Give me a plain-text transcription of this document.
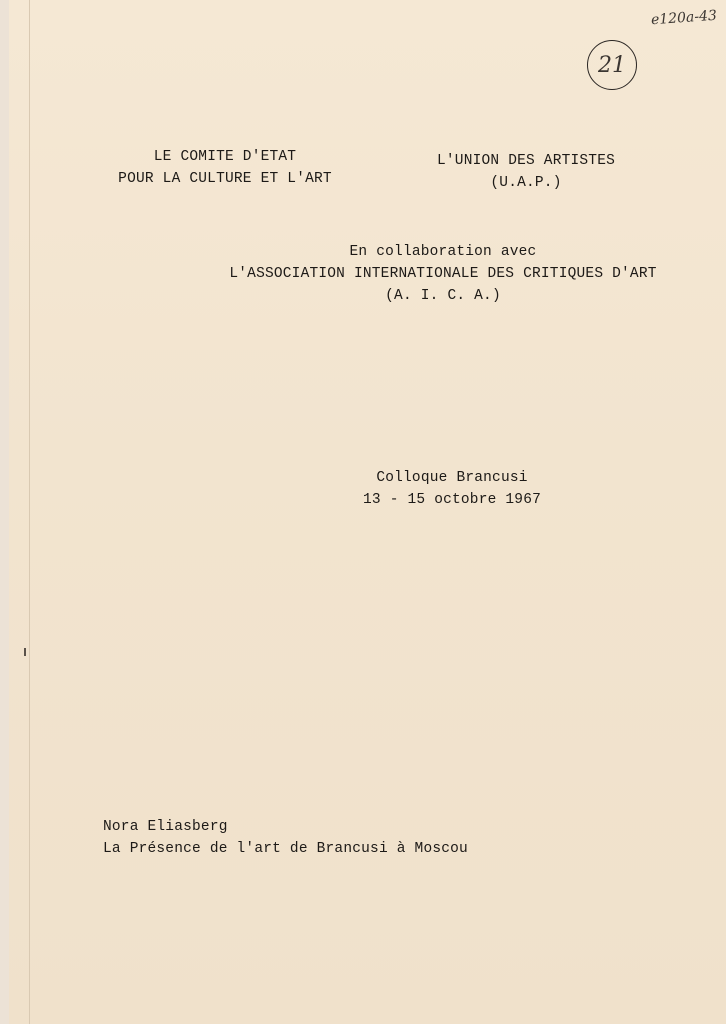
e120a-43
21
LE COMITE D'ETAT
POUR LA CULTURE ET L'ART
L'UNION DES ARTISTES
(U.A.P.)
En collaboration avec
L'ASSOCIATION INTERNATIONALE DES CRITIQUES D'ART
(A. I. C. A.)
Colloque Brancusi
13 - 15 octobre 1967
Nora Eliasberg
La Présence de l'art de Brancusi à Moscou
